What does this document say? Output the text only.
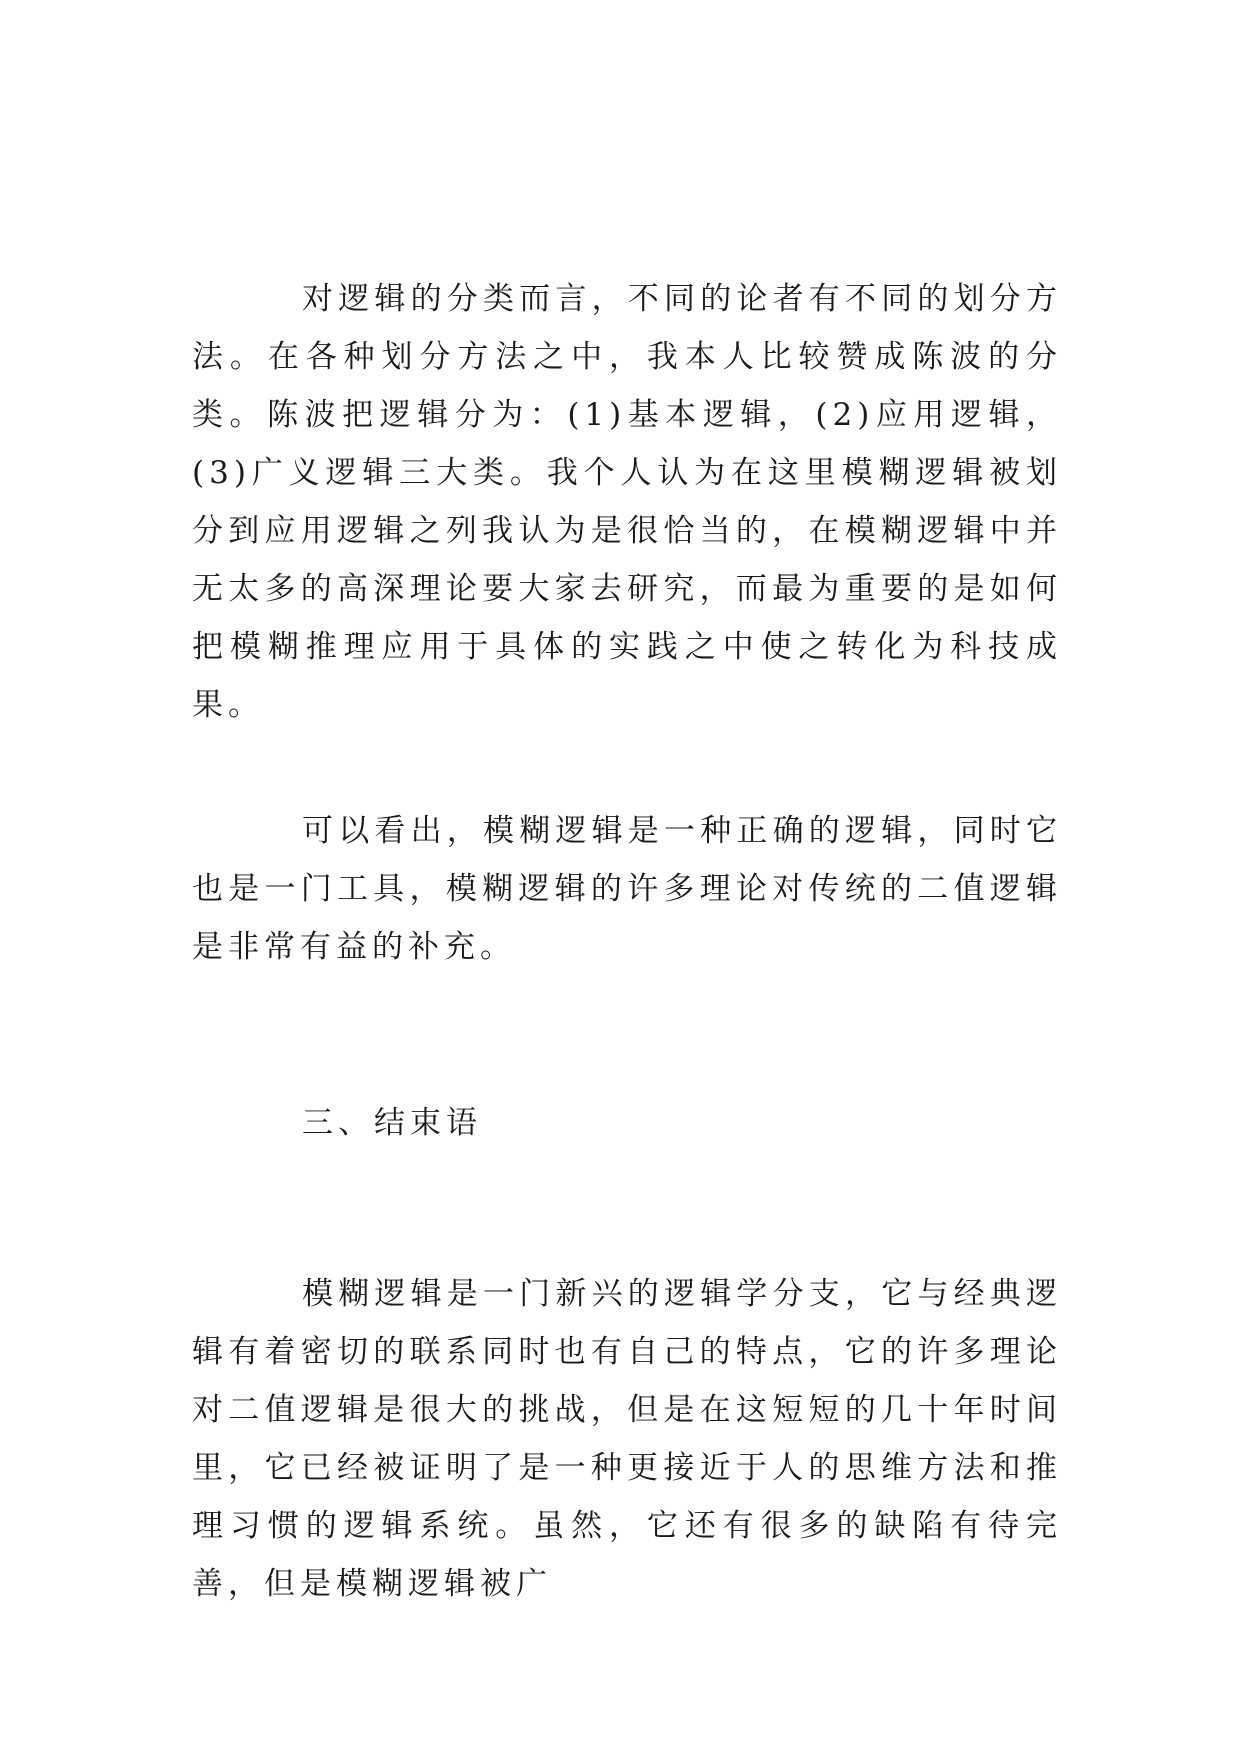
对逻辑的分类而言，不同的论者有不同的划分方法。在各种划分方法之中，我本人比较赞成陈波的分类。陈波把逻辑分为：(1)基本逻辑，(2)应用逻辑，(3)广义逻辑三大类。我个人认为在这里模糊逻辑被划分到应用逻辑之列我认为是很恰当的，在模糊逻辑中并无太多的高深理论要大家去研究，而最为重要的是如何把模糊推理应用于具体的实践之中使之转化为科技成果。

可以看出，模糊逻辑是一种正确的逻辑，同时它也是一门工具，模糊逻辑的许多理论对传统的二值逻辑是非常有益的补充。

三、结束语

模糊逻辑是一门新兴的逻辑学分支，它与经典逻辑有着密切的联系同时也有自己的特点，它的许多理论对二值逻辑是很大的挑战，但是在这短短的几十年时间里，它已经被证明了是一种更接近于人的思维方法和推理习惯的逻辑系统。虽然，它还有很多的缺陷有待完善，但是模糊逻辑被广
